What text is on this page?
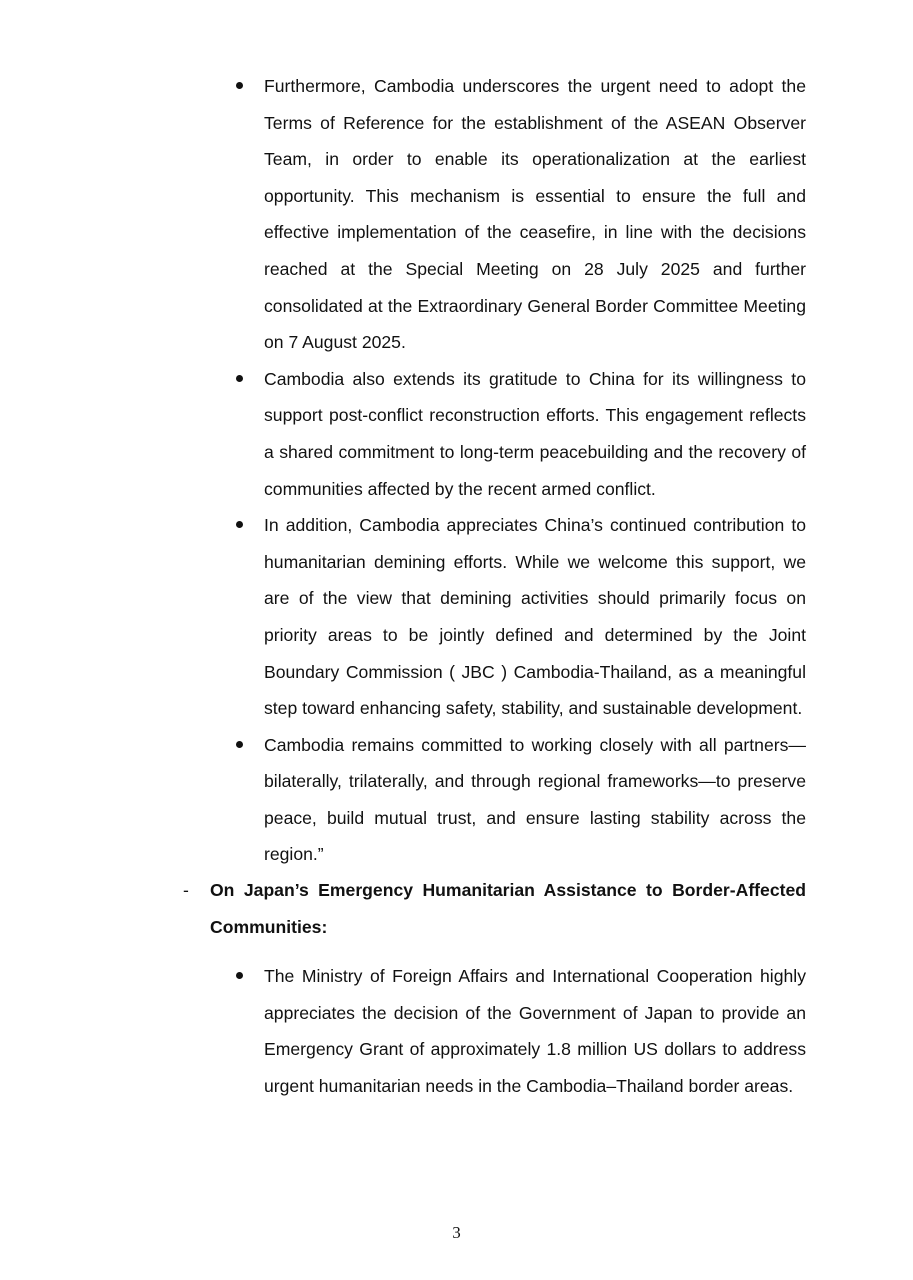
Furthermore, Cambodia underscores the urgent need to adopt the Terms of Reference for the establishment of the ASEAN Observer Team, in order to enable its operationalization at the earliest opportunity. This mechanism is essential to ensure the full and effective implementation of the ceasefire, in line with the decisions reached at the Special Meeting on 28 July 2025 and further consolidated at the Extraordinary General Border Committee Meeting on 7 August 2025.

Cambodia also extends its gratitude to China for its willingness to support post-conflict reconstruction efforts. This engagement reflects a shared commitment to long-term peacebuilding and the recovery of communities affected by the recent armed conflict.

In addition, Cambodia appreciates China’s continued contribution to humanitarian demining efforts. While we welcome this support, we are of the view that demining activities should primarily focus on priority areas to be jointly defined and determined by the Joint Boundary Commission ( JBC ) Cambodia-Thailand, as a meaningful step toward enhancing safety, stability, and sustainable development.

Cambodia remains committed to working closely with all partners—bilaterally, trilaterally, and through regional frameworks—to preserve peace, build mutual trust, and ensure lasting stability across the region.”

- On Japan’s Emergency Humanitarian Assistance to Border-Affected Communities:

The Ministry of Foreign Affairs and International Cooperation highly appreciates the decision of the Government of Japan to provide an Emergency Grant of approximately 1.8 million US dollars to address urgent humanitarian needs in the Cambodia–Thailand border areas.

3
